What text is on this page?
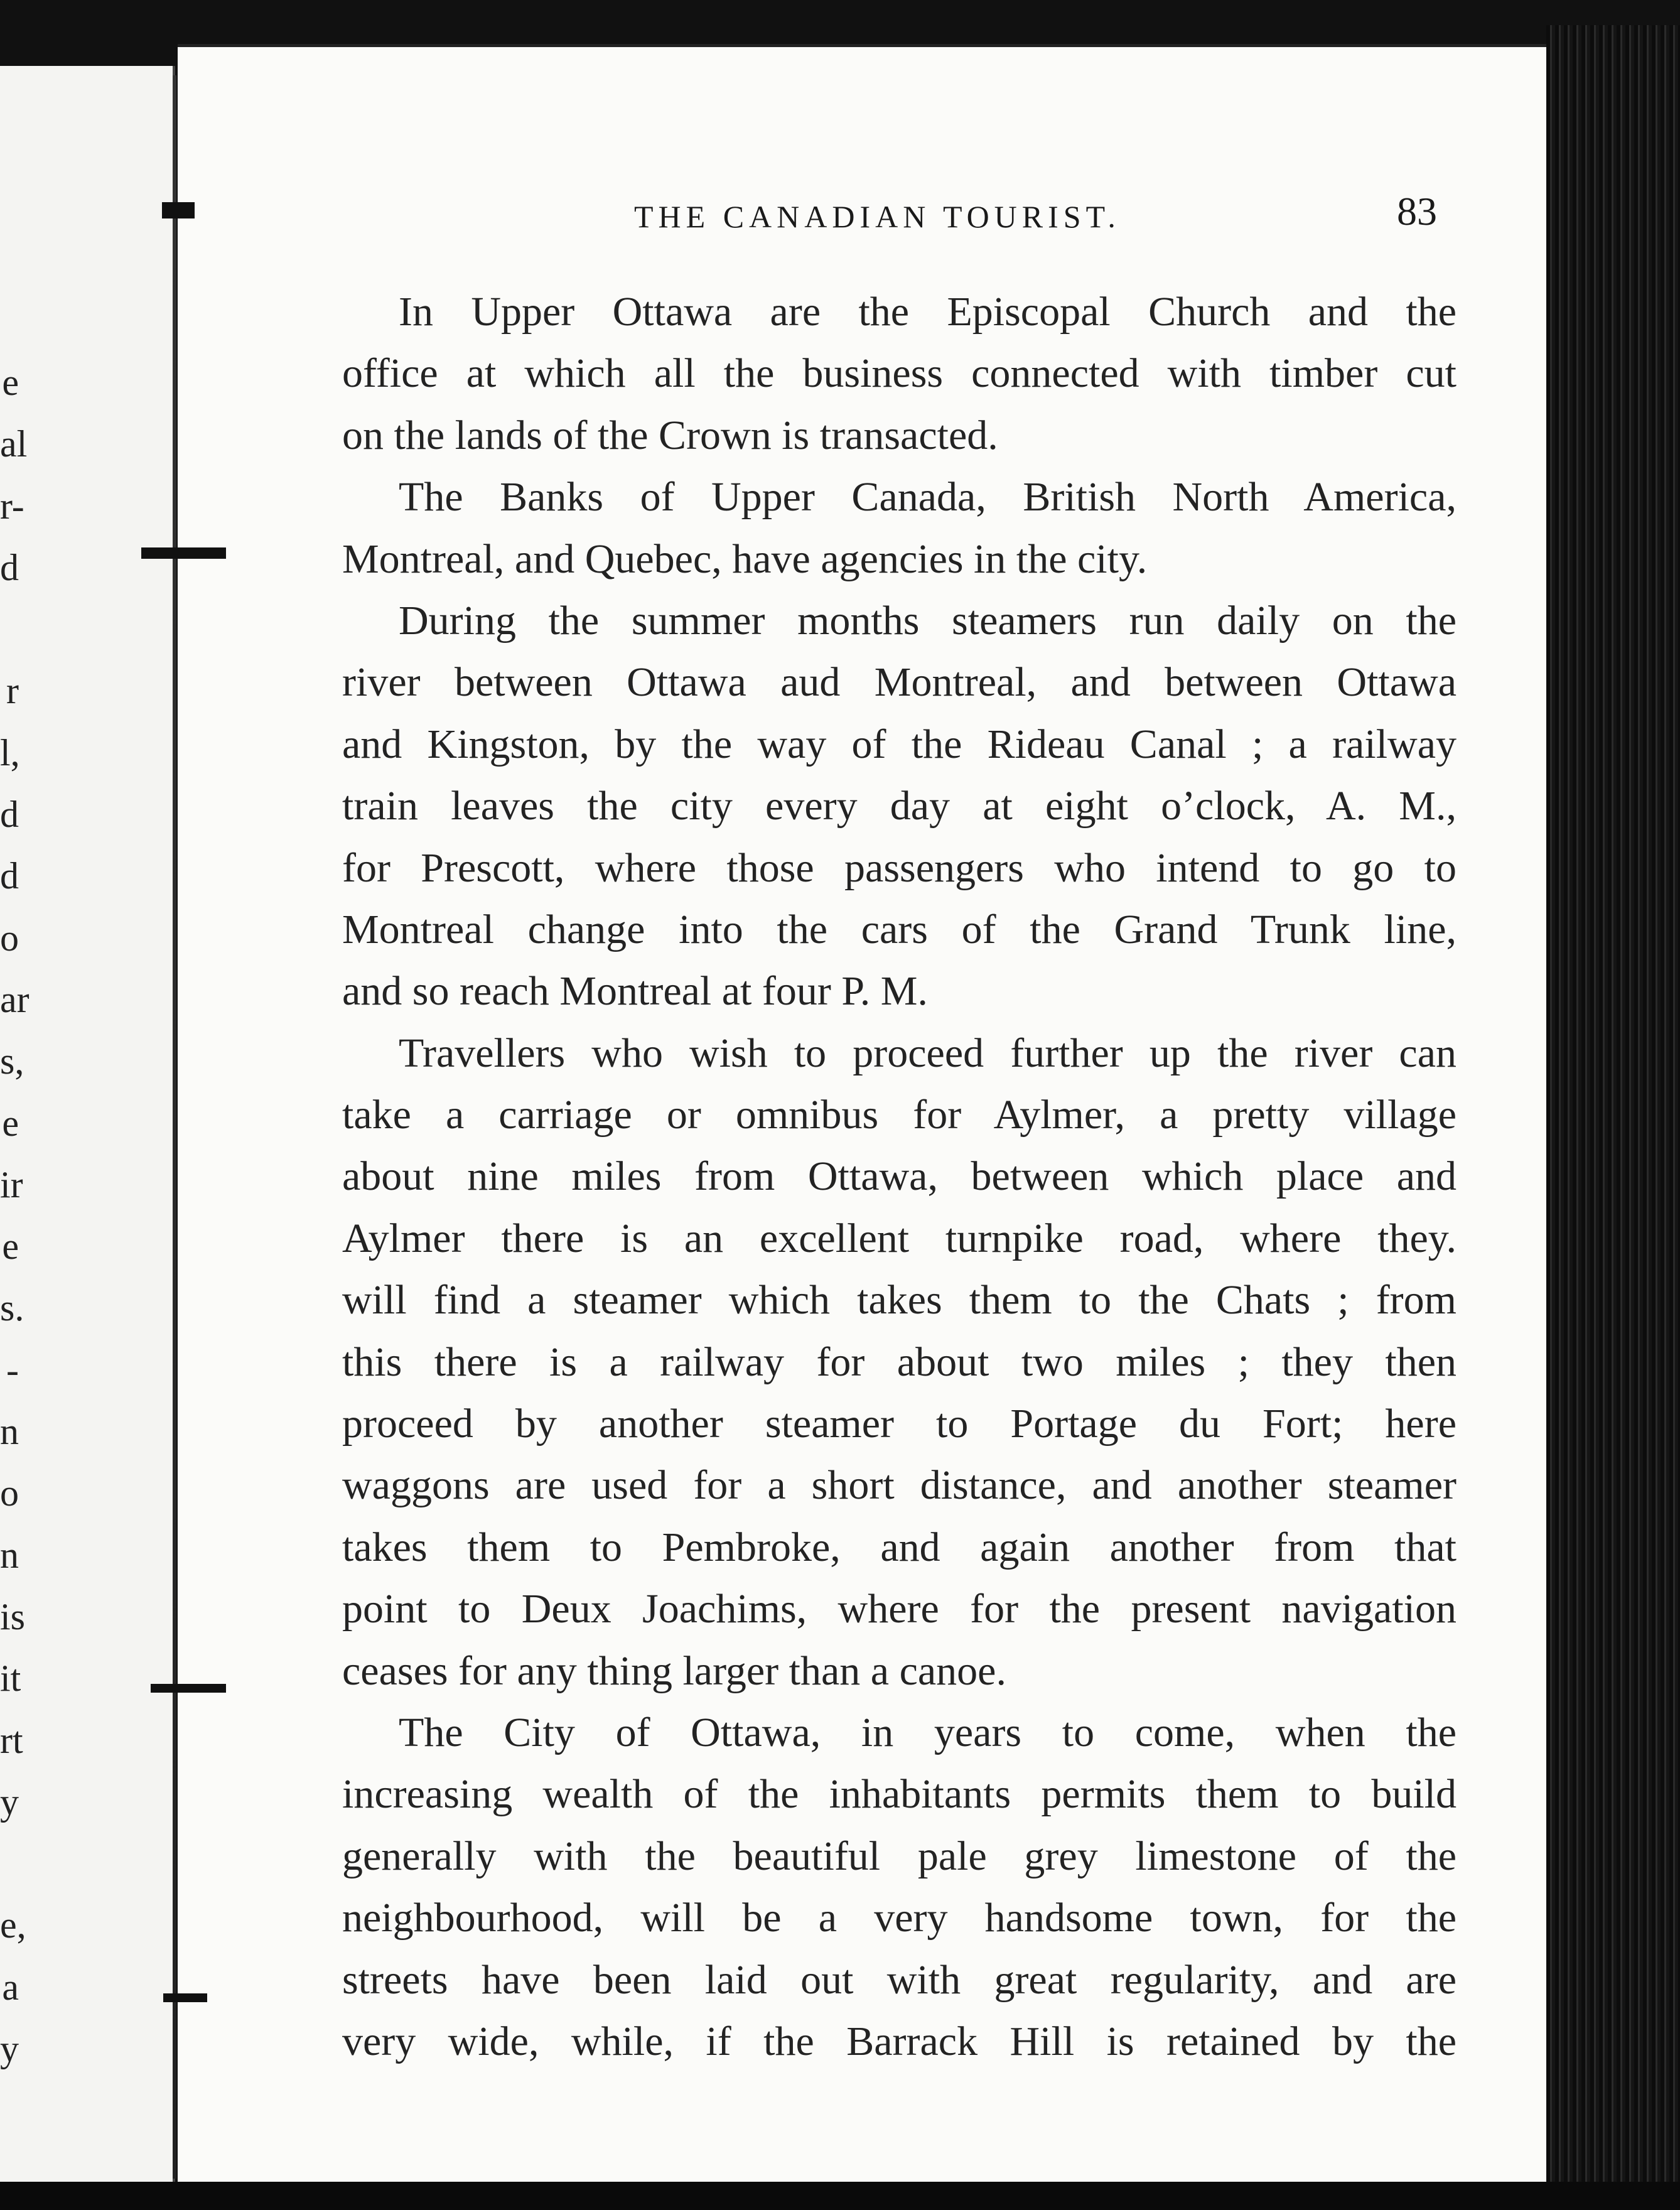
e
al
r-
d
r
l,
d
d
o
ar
s,
e
ir
e
s.
-
n
o
n
is
it
rt
y
e,
a
y
THE CANADIAN TOURIST.	83
In Upper Ottawa are the Episcopal Church and the
office at which all the business connected with timber cut
on the lands of the Crown is transacted.
The Banks of Upper Canada, British North America,
Montreal, and Quebec, have agencies in the city.
During the summer months steamers run daily on the
river between Ottawa aud Montreal, and between Ottawa
and Kingston, by the way of the Rideau Canal ; a railway
train leaves the city every day at eight o’clock, A. M.,
for Prescott, where those passengers who intend to go to
Montreal change into the cars of the Grand Trunk line,
and so reach Montreal at four P. M.
Travellers who wish to proceed further up the river can
take a carriage or omnibus for Aylmer, a pretty village
about nine miles from Ottawa, between which place and
Aylmer there is an excellent turnpike road, where they.
will find a steamer which takes them to the Chats ; from
this there is a railway for about two miles ; they then
proceed by another steamer to Portage du Fort; here
waggons are used for a short distance, and another steamer
takes them to Pembroke, and again another from that
point to Deux Joachims, where for the present navigation
ceases for any thing larger than a canoe.
The City of Ottawa, in years to come, when the
increasing wealth of the inhabitants permits them to build
generally with the beautiful pale grey limestone of the
neighbourhood, will be a very handsome town, for the
streets have been laid out with great regularity, and are
very wide, while, if the Barrack Hill is retained by the
